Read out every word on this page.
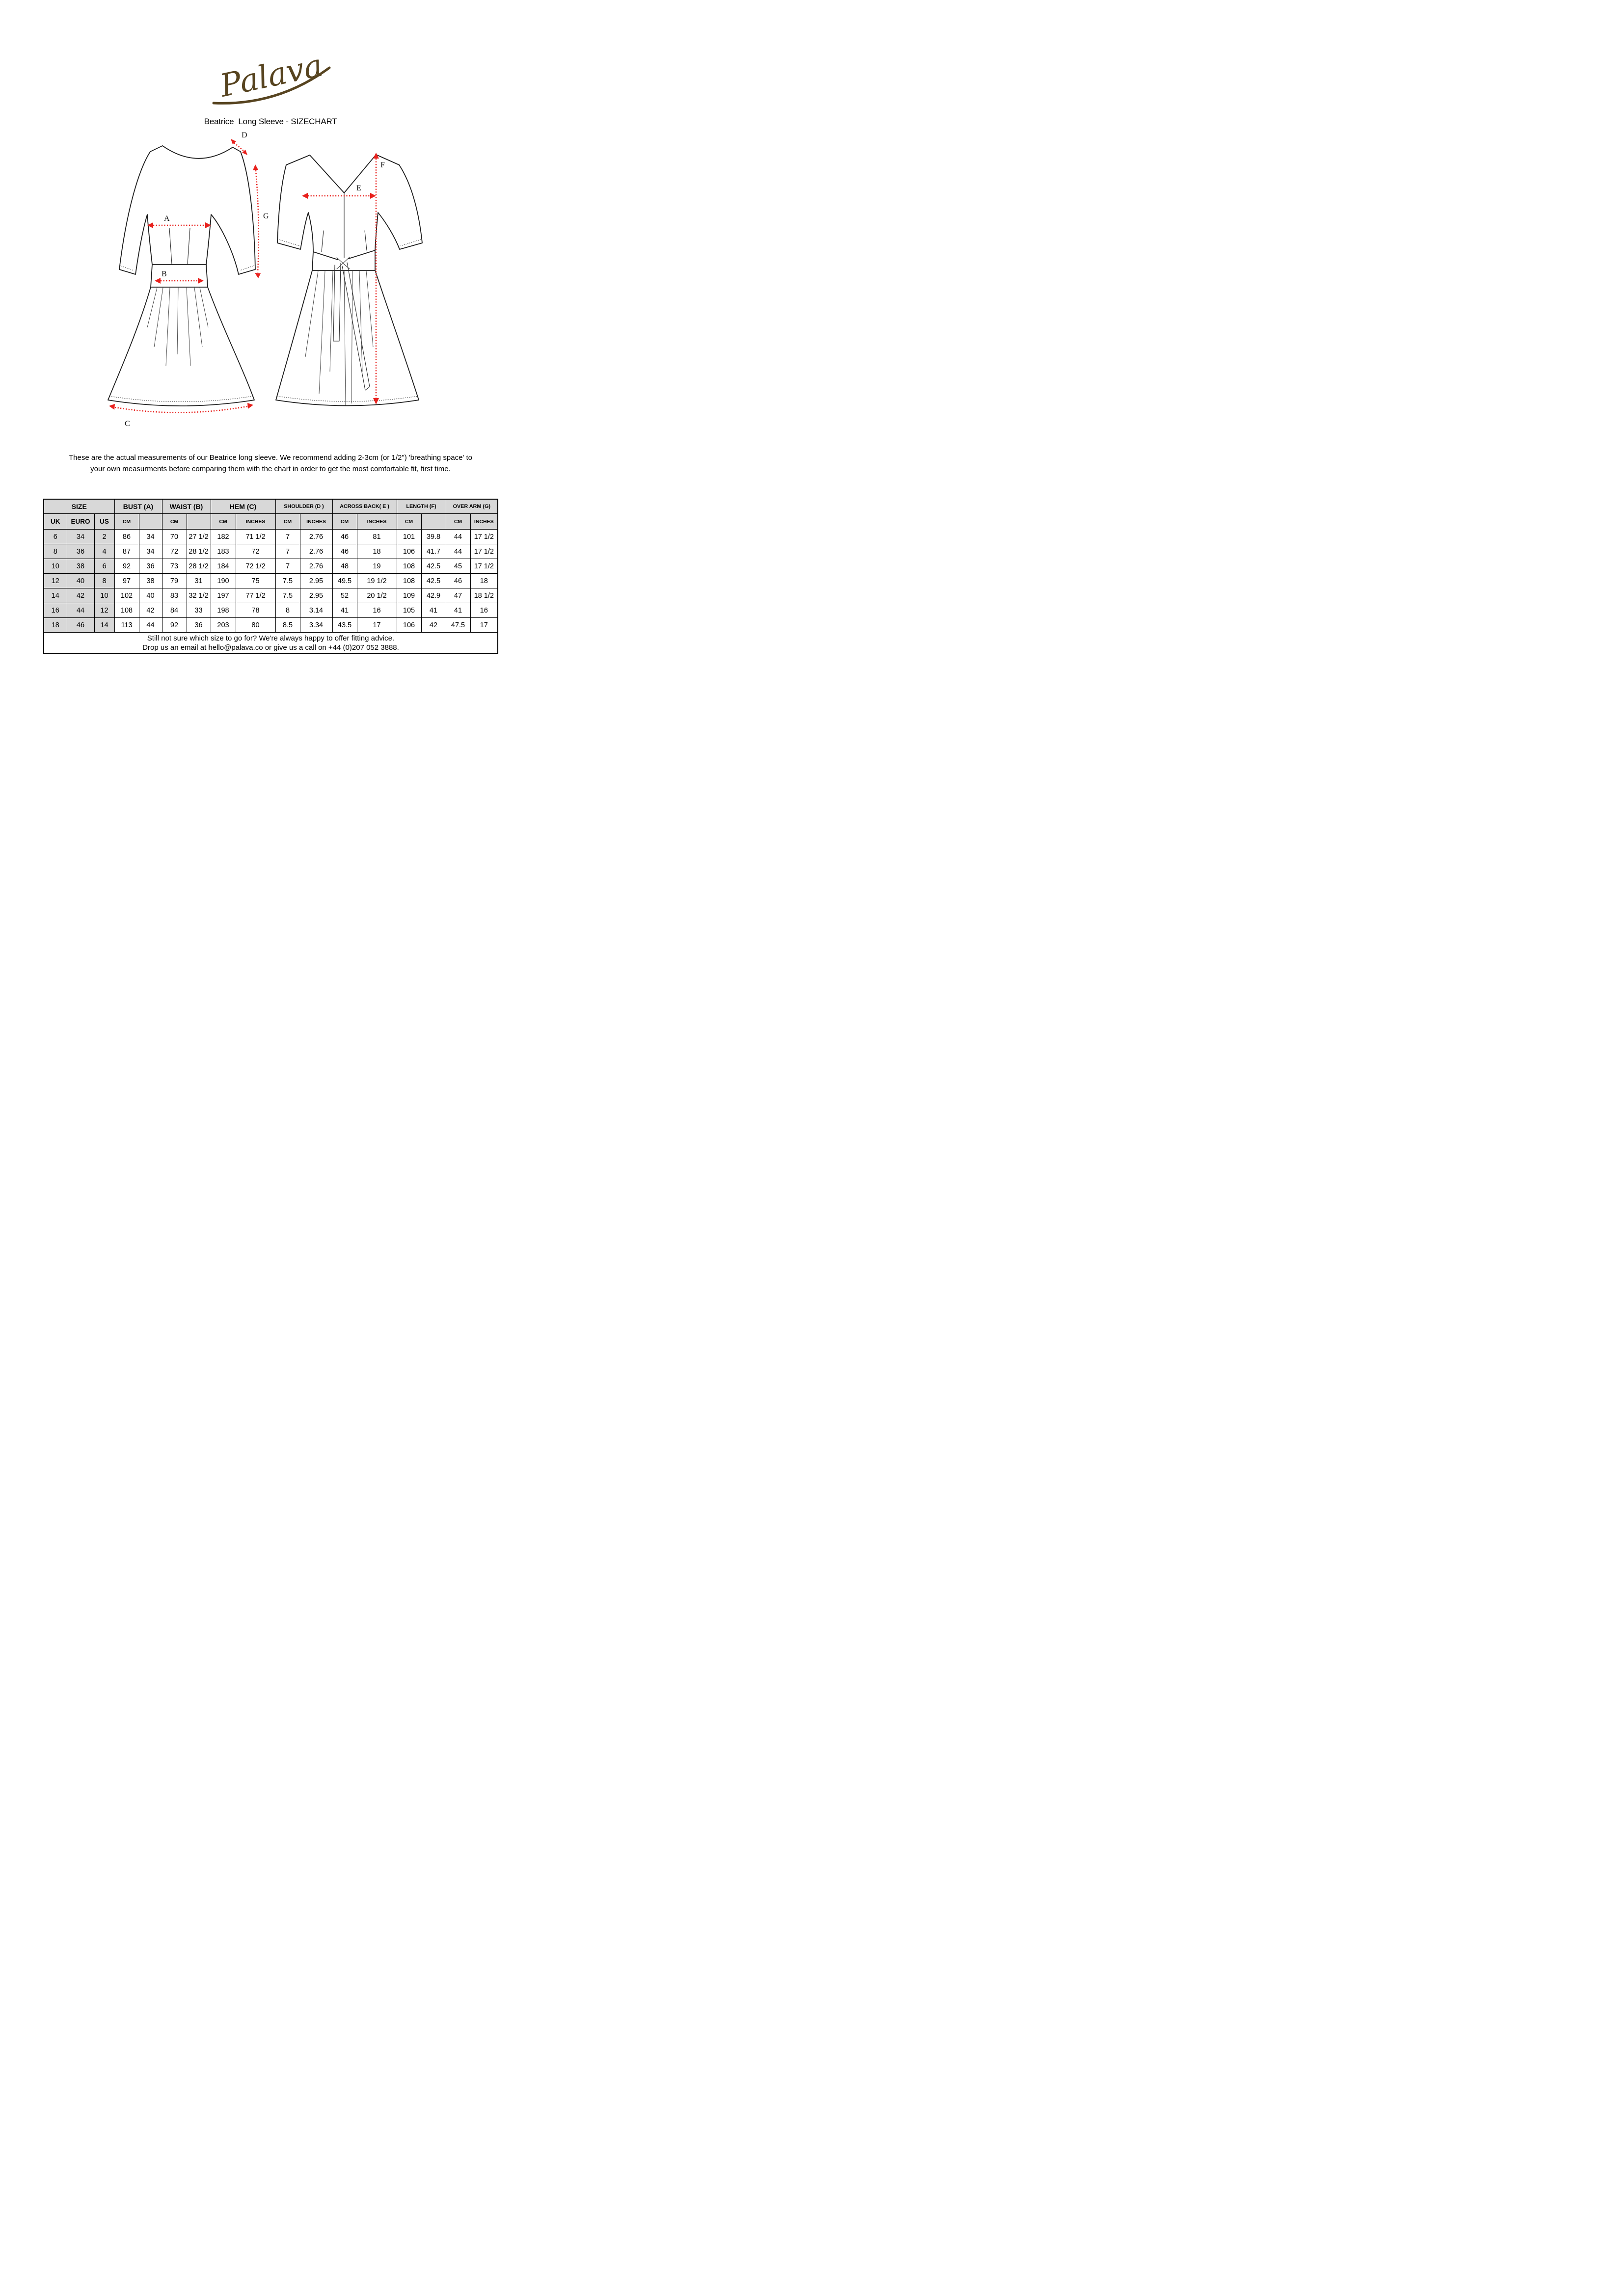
Palava
Beatrice  Long Sleeve - SIZECHART
A
B
C
D
G
E
F
These are the actual measurements of our Beatrice long sleeve. We recommend adding 2-3cm (or 1/2") 'breathing space' to
your own measurments before comparing them with the chart in order to get the most comfortable fit, first time.
SIZE			BUST (A)		WAIST (B)		HEM (C)		SHOULDER (D )		ACROSS BACK( E )		LENGTH (F)		OVER ARM (G)	
UK	EURO	US	CM		CM		CM	INCHES	CM	INCHES	CM	INCHES	CM		CM	INCHES
6	34	2	86	34	70	27 1/2	182	71 1/2	7	2.76	46	81	101	39.8	44	17 1/2
8	36	4	87	34	72	28 1/2	183	72	7	2.76	46	18	106	41.7	44	17 1/2
10	38	6	92	36	73	28 1/2	184	72 1/2	7	2.76	48	19	108	42.5	45	17 1/2
12	40	8	97	38	79	31	190	75	7.5	2.95	49.5	19 1/2	108	42.5	46	18
14	42	10	102	40	83	32 1/2	197	77 1/2	7.5	2.95	52	20 1/2	109	42.9	47	18 1/2
16	44	12	108	42	84	33	198	78	8	3.14	41	16	105	41	41	16
18	46	14	113	44	92	36	203	80	8.5	3.34	43.5	17	106	42	47.5	17

Still not sure which size to go for? We're always happy to offer fitting advice.
Drop us an email at hello@palava.co or give us a call on +44 (0)207 052 3888.																
